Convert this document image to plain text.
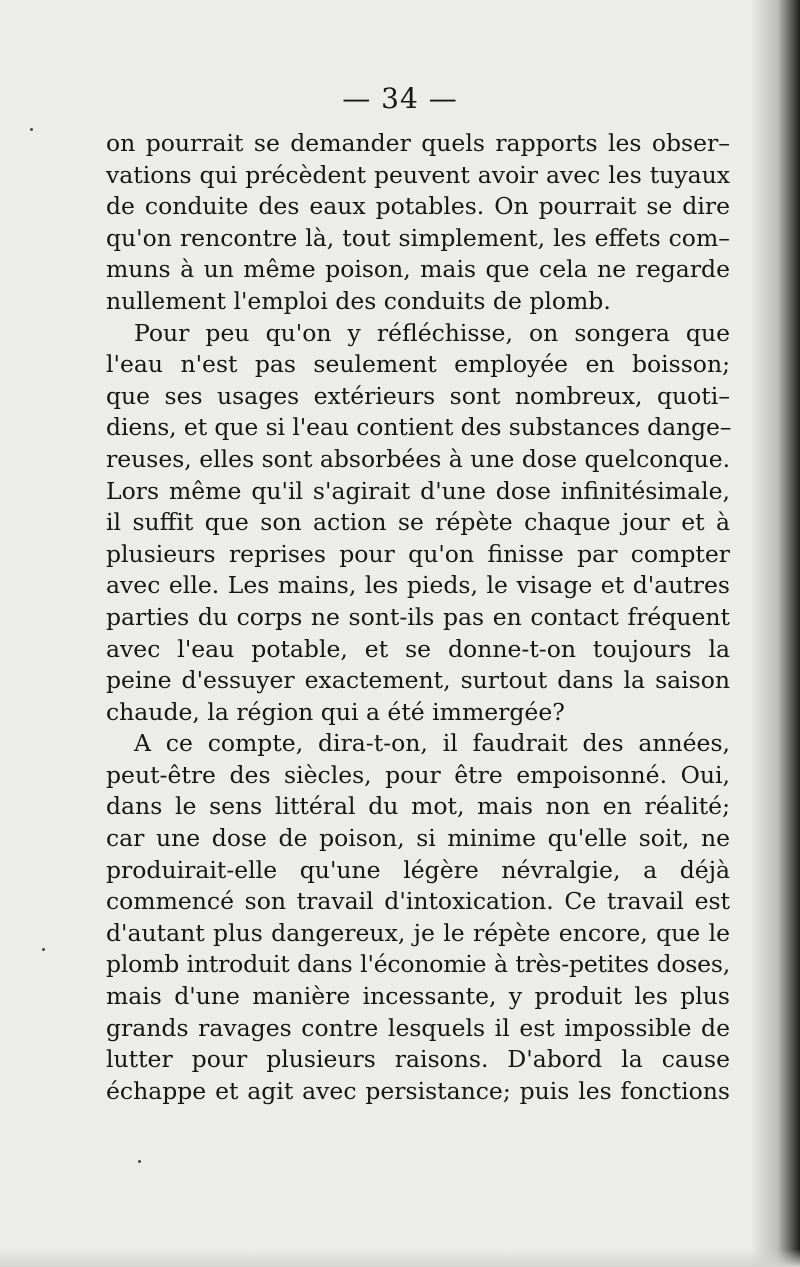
— 34 —
on pourrait se demander quels rapports les obser–
vations qui précèdent peuvent avoir avec les tuyaux
de conduite des eaux potables. On pourrait se dire
qu'on rencontre là, tout simplement, les effets com–
muns à un même poison, mais que cela ne regarde
nullement l'emploi des conduits de plomb.
Pour peu qu'on y réfléchisse, on songera que
l'eau n'est pas seulement employée en boisson;
que ses usages extérieurs sont nombreux, quoti–
diens, et que si l'eau contient des substances dange–
reuses, elles sont absorbées à une dose quelconque.
Lors même qu'il s'agirait d'une dose infinitésimale,
il suffit que son action se répète chaque jour et à
plusieurs reprises pour qu'on finisse par compter
avec elle. Les mains, les pieds, le visage et d'autres
parties du corps ne sont-ils pas en contact fréquent
avec l'eau potable, et se donne-t-on toujours la
peine d'essuyer exactement, surtout dans la saison
chaude, la région qui a été immergée?
A ce compte, dira-t-on, il faudrait des années,
peut-être des siècles, pour être empoisonné. Oui,
dans le sens littéral du mot, mais non en réalité;
car une dose de poison, si minime qu'elle soit, ne
produirait-elle qu'une légère névralgie, a déjà
commencé son travail d'intoxication. Ce travail est
d'autant plus dangereux, je le répète encore, que le
plomb introduit dans l'économie à très-petites doses,
mais d'une manière incessante, y produit les plus
grands ravages contre lesquels il est impossible de
lutter pour plusieurs raisons. D'abord la cause
échappe et agit avec persistance; puis les fonctions
